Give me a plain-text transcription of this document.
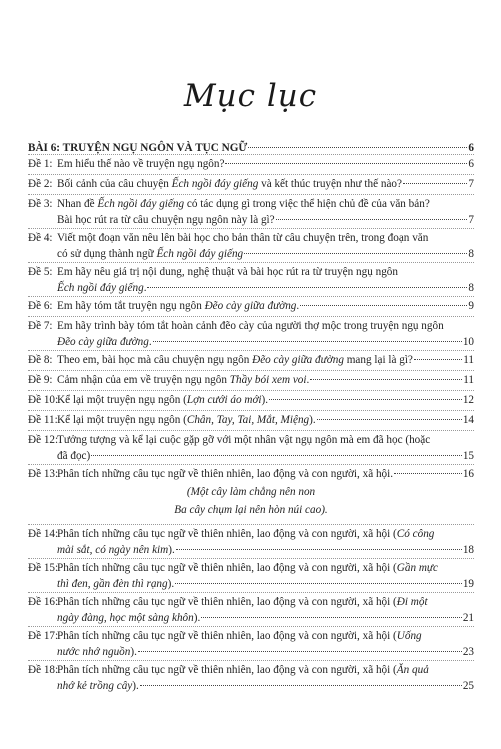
Mục lục
BÀI 6: TRUYỆN NGỤ NGÔN VÀ TỤC NGỮ	6
Đề 1: Em hiểu thế nào về truyện ngụ ngôn?	6
Đề 2: Bối cảnh của câu chuyện Ếch ngồi đáy giếng và kết thúc truyện như thế nào?	7
Đề 3: Nhan đề Ếch ngồi đáy giếng có tác dụng gì trong việc thể hiện chủ đề của văn bản?
Bài học rút ra từ câu chuyện ngụ ngôn này là gì?	7
Đề 4: Viết một đoạn văn nêu lên bài học cho bản thân từ câu chuyện trên, trong đoạn văn
có sử dụng thành ngữ Ếch ngồi đáy giếng	8
Đề 5: Em hãy nêu giá trị nội dung, nghệ thuật và bài học rút ra từ truyện ngụ ngôn
Ếch ngồi đáy giếng.	8
Đề 6: Em hãy tóm tắt truyện ngụ ngôn Đẽo cày giữa đường.	9
Đề 7: Em hãy trình bày tóm tắt hoàn cảnh đẽo cày của người thợ mộc trong truyện ngụ ngôn
Đẽo cày giữa đường.	10
Đề 8: Theo em, bài học mà câu chuyện ngụ ngôn Đẽo cày giữa đường mang lại là gì?	11
Đề 9: Cảm nhận của em về truyện ngụ ngôn Thầy bói xem voi.	11
Đề 10:
Kể lại một truyện ngụ ngôn (Lợn cưới áo mới).	12
Đề 11: Kể lại một truyện ngụ ngôn (Chân, Tay, Tai, Mắt, Miệng).	14
Đề 12:
Tưởng tượng và kể lại cuộc gặp gỡ với một nhân vật ngụ ngôn mà em đã học (hoặc
đã đọc)	15
Đề 13:
Phân tích những câu tục ngữ về thiên nhiên, lao động và con người, xã hội.	16
Đề 14:
Phân tích những câu tục ngữ về thiên nhiên, lao động và con người, xã hội (Có công
mài sắt, có ngày nên kim).	18
Đề 15:
Phân tích những câu tục ngữ về thiên nhiên, lao động và con người, xã hội (Gần mực
thì đen, gần đèn thì rạng).	19
Đề 16:
Phân tích những câu tục ngữ về thiên nhiên, lao động và con người, xã hội (Đi một
ngày đàng, học một sàng khôn).	21
Đề 17:
Phân tích những câu tục ngữ về thiên nhiên, lao động và con người, xã hội (Uống
nước nhớ nguồn).	23
Đề 18:
Phân tích những câu tục ngữ về thiên nhiên, lao động và con người, xã hội (Ăn quả
nhớ kẻ trồng cây).	25
(Một cây làm chẳng nên non
Ba cây chụm lại nên hòn núi cao).
